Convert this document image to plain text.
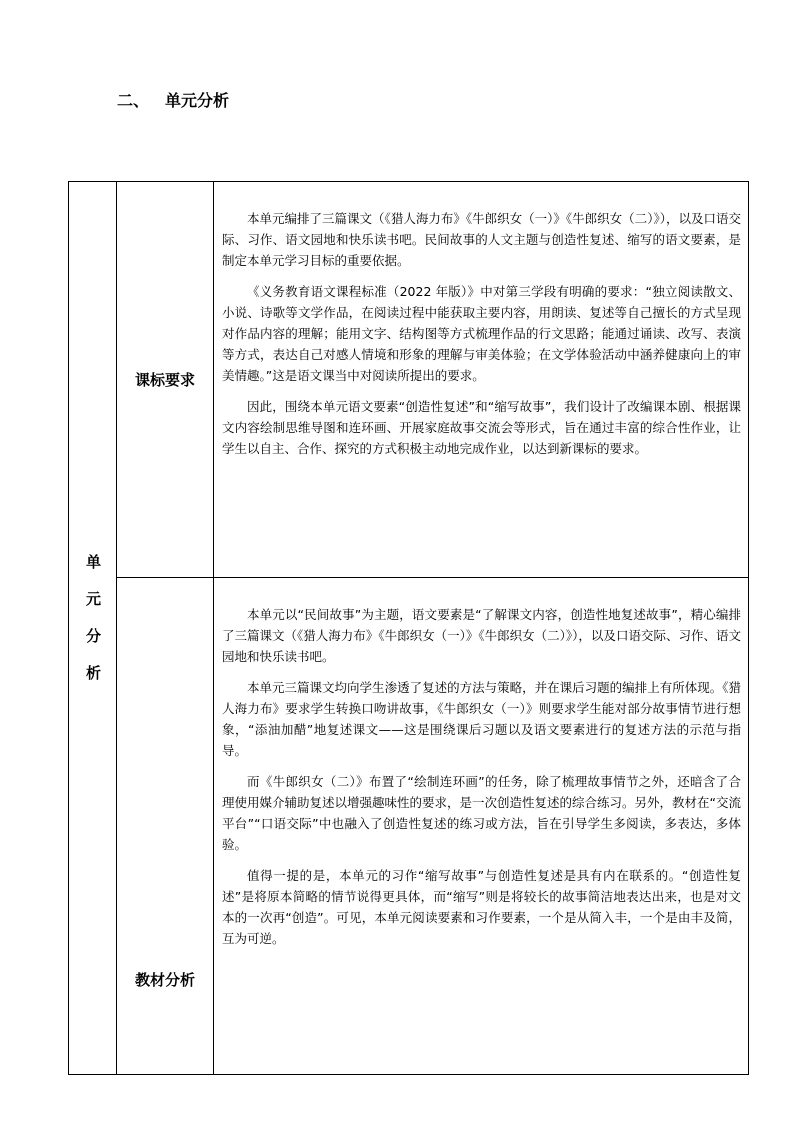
二、 单元分析
单元分析	课标要求	本单元编排了三篇课文（《猎人海力布》《牛郎织女（一）》《牛郎织女（二）》），以及口语交际、习作、语文园地和快乐读书吧。民间故事的人文主题与创造性复述、缩写的语文要素，是制定本单元学习目标的重要依据。

《义务教育语文课程标准（2022 年版）》中对第三学段有明确的要求：“独立阅读散文、小说、诗歌等文学作品，在阅读过程中能获取主要内容，用朗读、复述等自己擅长的方式呈现对作品内容的理解；能用文字、结构图等方式梳理作品的行文思路；能通过诵读、改写、表演等方式，表达自己对感人情境和形象的理解与审美体验；在文学体验活动中涵养健康向上的审美情趣。”这是语文课当中对阅读所提出的要求。

因此，围绕本单元语文要素“创造性复述”和“缩写故事”，我们设计了改编课本剧、根据课文内容绘制思维导图和连环画、开展家庭故事交流会等形式，旨在通过丰富的综合性作业，让学生以自主、合作、探究的方式积极主动地完成作业，以达到新课标的要求。

	教材分析	本单元以“民间故事”为主题，语文要素是“了解课文内容，创造性地复述故事”，精心编排了三篇课文（《猎人海力布》《牛郎织女（一）》《牛郎织女（二）》），以及口语交际、习作、语文园地和快乐读书吧。

本单元三篇课文均向学生渗透了复述的方法与策略，并在课后习题的编排上有所体现。《猎人海力布》要求学生转换口吻讲故事，《牛郎织女（一）》则要求学生能对部分故事情节进行想象，“添油加醋”地复述课文——这是围绕课后习题以及语文要素进行的复述方法的示范与指导。

而《牛郎织女（二）》布置了“绘制连环画”的任务，除了梳理故事情节之外，还暗含了合理使用媒介辅助复述以增强趣味性的要求，是一次创造性复述的综合练习。另外，教材在“交流平台”“口语交际”中也融入了创造性复述的练习或方法，旨在引导学生多阅读，多表达，多体验。

值得一提的是，本单元的习作“缩写故事”与创造性复述是具有内在联系的。“创造性复述”是将原本简略的情节说得更具体，而“缩写”则是将较长的故事简洁地表达出来，也是对文本的一次再“创造”。可见，本单元阅读要素和习作要素，一个是从简入丰，一个是由丰及简，互为可逆。
